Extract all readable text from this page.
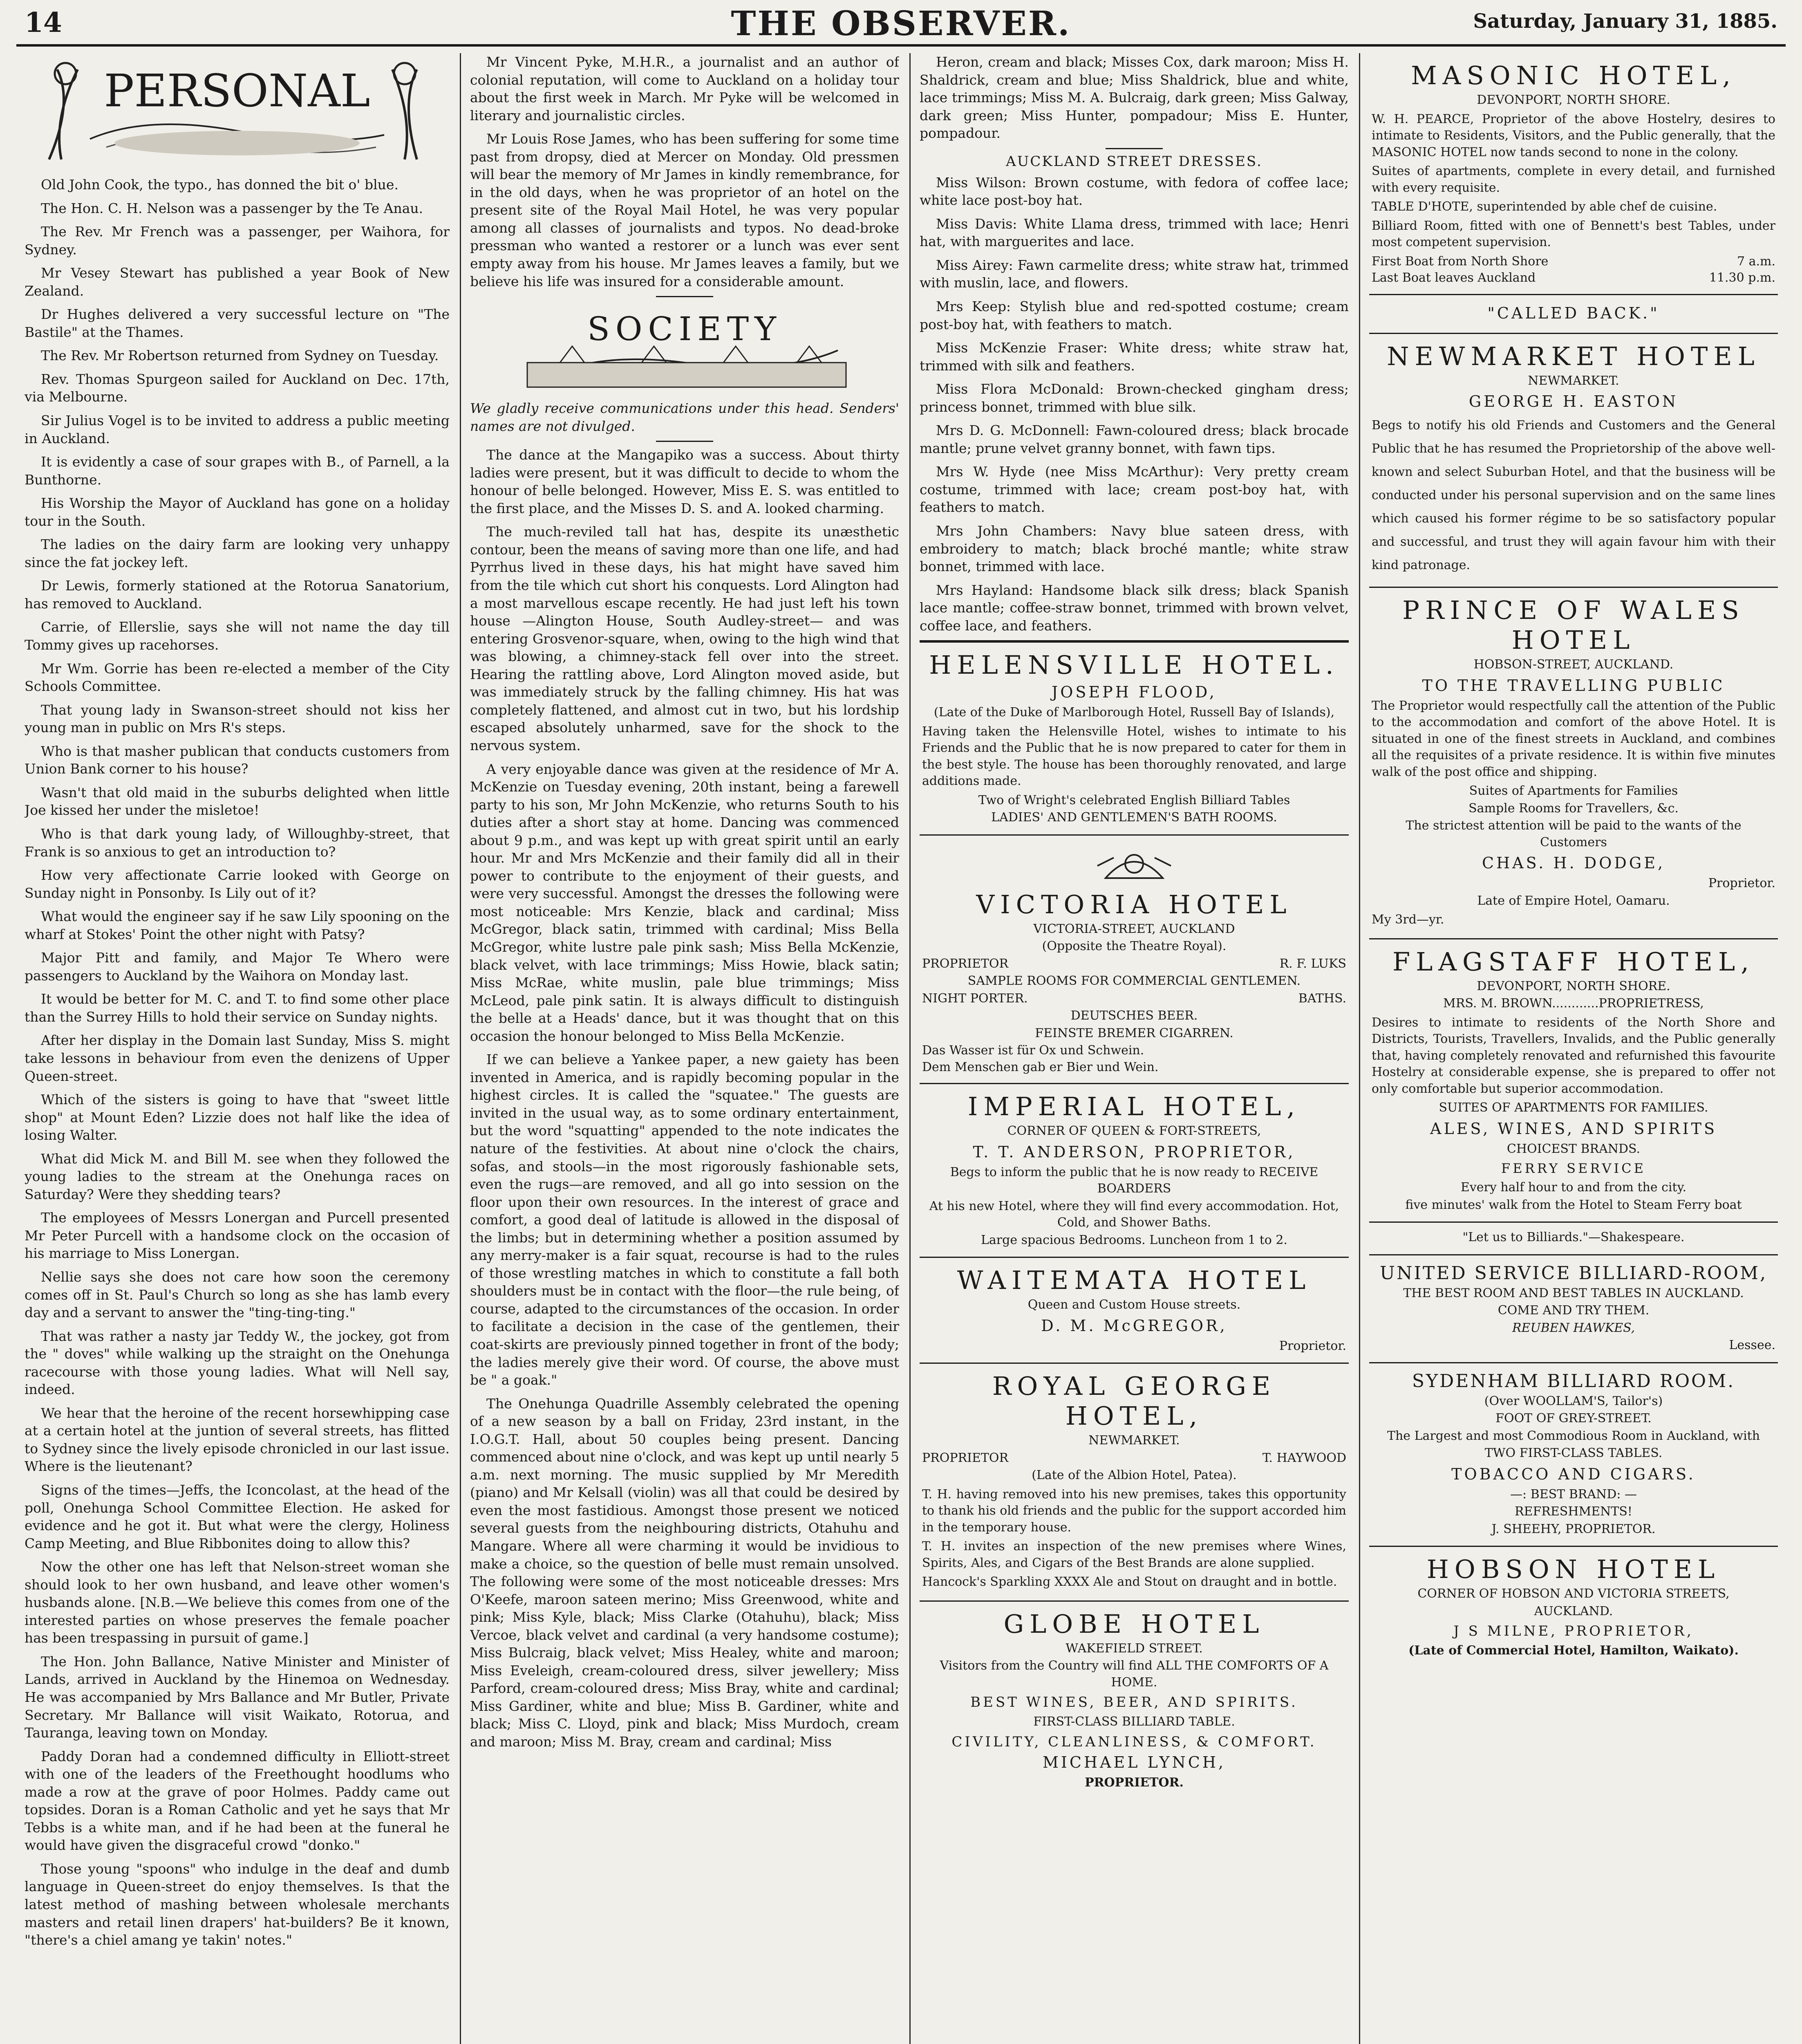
14	THE OBSERVER.	Saturday, January 31, 1885.
PERSONAL

Old John Cook, the typo., has donned the bit o' blue.

The Hon. C. H. Nelson was a passenger by the Te Anau.

The Rev. Mr French was a passenger, per Waihora, for Sydney.

Mr Vesey Stewart has published a year Book of New Zealand.

Dr Hughes delivered a very successful lecture on "The Bastile" at the Thames.

The Rev. Mr Robertson returned from Sydney on Tuesday.

Rev. Thomas Spurgeon sailed for Auckland on Dec. 17th, via Melbourne.

Sir Julius Vogel is to be invited to address a public meeting in Auckland.

It is evidently a case of sour grapes with B., of Parnell, a la Bunthorne.

His Worship the Mayor of Auckland has gone on a holiday tour in the South.

The ladies on the dairy farm are looking very unhappy since the fat jockey left.

Dr Lewis, formerly stationed at the Rotorua Sanatorium, has removed to Auckland.

Carrie, of Ellerslie, says she will not name the day till Tommy gives up racehorses.

Mr Wm. Gorrie has been re-elected a member of the City Schools Committee.

That young lady in Swanson-street should not kiss her young man in public on Mrs R's steps.

Who is that masher publican that conducts customers from Union Bank corner to his house?

Wasn't that old maid in the suburbs delighted when little Joe kissed her under the misletoe!

Who is that dark young lady, of Willoughby-street, that Frank is so anxious to get an introduction to?

How very affectionate Carrie looked with George on Sunday night in Ponsonby. Is Lily out of it?

What would the engineer say if he saw Lily spooning on the wharf at Stokes' Point the other night with Patsy?

Major Pitt and family, and Major Te Whero were passengers to Auckland by the Waihora on Monday last.

It would be better for M. C. and T. to find some other place than the Surrey Hills to hold their service on Sunday nights.

After her display in the Domain last Sunday, Miss S. might take lessons in behaviour from even the denizens of Upper Queen-street.

Which of the sisters is going to have that "sweet little shop" at Mount Eden? Lizzie does not half like the idea of losing Walter.

What did Mick M. and Bill M. see when they followed the young ladies to the stream at the Onehunga races on Saturday? Were they shedding tears?

The employees of Messrs Lonergan and Purcell presented Mr Peter Purcell with a handsome clock on the occasion of his marriage to Miss Lonergan.

Nellie says she does not care how soon the ceremony comes off in St. Paul's Church so long as she has lamb every day and a servant to answer the "ting-ting-ting."

That was rather a nasty jar Teddy W., the jockey, got from the " doves" while walking up the straight on the Onehunga racecourse with those young ladies. What will Nell say, indeed.

We hear that the heroine of the recent horsewhipping case at a certain hotel at the juntion of several streets, has flitted to Sydney since the lively episode chronicled in our last issue. Where is the lieutenant?

Signs of the times—Jeffs, the Iconcolast, at the head of the poll, Onehunga School Committee Election. He asked for evidence and he got it. But what were the clergy, Holiness Camp Meeting, and Blue Ribbonites doing to allow this?

Now the other one has left that Nelson-street woman she should look to her own husband, and leave other women's husbands alone. [N.B.—We believe this comes from one of the interested parties on whose preserves the female poacher has been trespassing in pursuit of game.]

The Hon. John Ballance, Native Minister and Minister of Lands, arrived in Auckland by the Hinemoa on Wednesday. He was accompanied by Mrs Ballance and Mr Butler, Private Secretary. Mr Ballance will visit Waikato, Rotorua, and Tauranga, leaving town on Monday.

Paddy Doran had a condemned difficulty in Elliott-street with one of the leaders of the Freethought hoodlums who made a row at the grave of poor Holmes. Paddy came out topsides. Doran is a Roman Catholic and yet he says that Mr Tebbs is a white man, and if he had been at the funeral he would have given the disgraceful crowd "donko."

Those young "spoons" who indulge in the deaf and dumb language in Queen-street do enjoy themselves. Is that the latest method of mashing between wholesale merchants masters and retail linen drapers' hat-builders? Be it known, "there's a chiel amang ye takin' notes."

Mr Vincent Pyke, M.H.R., a journalist and an author of colonial reputation, will come to Auckland on a holiday tour about the first week in March. Mr Pyke will be welcomed in literary and journalistic circles.

Mr Louis Rose James, who has been suffering for some time past from dropsy, died at Mercer on Monday. Old pressmen will bear the memory of Mr James in kindly remembrance, for in the old days, when he was proprietor of an hotel on the present site of the Royal Mail Hotel, he was very popular among all classes of journalists and typos. No dead-broke pressman who wanted a restorer or a lunch was ever sent empty away from his house. Mr James leaves a family, but we believe his life was insured for a considerable amount.

SOCIETY

We gladly receive communications under this head. Senders' names are not divulged.

The dance at the Mangapiko was a success. About thirty ladies were present, but it was difficult to decide to whom the honour of belle belonged. However, Miss E. S. was entitled to the first place, and the Misses D. S. and A. looked charming.

The much-reviled tall hat has, despite its unæsthetic contour, been the means of saving more than one life, and had Pyrrhus lived in these days, his hat might have saved him from the tile which cut short his conquests. Lord Alington had a most marvellous escape recently. He had just left his town house —Alington House, South Audley-street— and was entering Grosvenor-square, when, owing to the high wind that was blowing, a chimney-stack fell over into the street. Hearing the rattling above, Lord Alington moved aside, but was immediately struck by the falling chimney. His hat was completely flattened, and almost cut in two, but his lordship escaped absolutely unharmed, save for the shock to the nervous system.

A very enjoyable dance was given at the residence of Mr A. McKenzie on Tuesday evening, 20th instant, being a farewell party to his son, Mr John McKenzie, who returns South to his duties after a short stay at home. Dancing was commenced about 9 p.m., and was kept up with great spirit until an early hour. Mr and Mrs McKenzie and their family did all in their power to contribute to the enjoyment of their guests, and were very successful. Amongst the dresses the following were most noticeable: Mrs Kenzie, black and cardinal; Miss McGregor, black satin, trimmed with cardinal; Miss Bella McGregor, white lustre pale pink sash; Miss Bella McKenzie, black velvet, with lace trimmings; Miss Howie, black satin; Miss McRae, white muslin, pale blue trimmings; Miss McLeod, pale pink satin. It is always difficult to distinguish the belle at a Heads' dance, but it was thought that on this occasion the honour belonged to Miss Bella McKenzie.

If we can believe a Yankee paper, a new gaiety has been invented in America, and is rapidly becoming popular in the highest circles. It is called the "squatee." The guests are invited in the usual way, as to some ordinary entertainment, but the word "squatting" appended to the note indicates the nature of the festivities. At about nine o'clock the chairs, sofas, and stools—in the most rigorously fashionable sets, even the rugs—are removed, and all go into session on the floor upon their own resources. In the interest of grace and comfort, a good deal of latitude is allowed in the disposal of the limbs; but in determining whether a position assumed by any merry-maker is a fair squat, recourse is had to the rules of those wrestling matches in which to constitute a fall both shoulders must be in contact with the floor—the rule being, of course, adapted to the circumstances of the occasion. In order to facilitate a decision in the case of the gentlemen, their coat-skirts are previously pinned together in front of the body; the ladies merely give their word. Of course, the above must be " a goak."

The Onehunga Quadrille Assembly celebrated the opening of a new season by a ball on Friday, 23rd instant, in the I.O.G.T. Hall, about 50 couples being present. Dancing commenced about nine o'clock, and was kept up until nearly 5 a.m. next morning. The music supplied by Mr Meredith (piano) and Mr Kelsall (violin) was all that could be desired by even the most fastidious. Amongst those present we noticed several guests from the neighbouring districts, Otahuhu and Mangare. Where all were charming it would be invidious to make a choice, so the question of belle must remain unsolved. The following were some of the most noticeable dresses: Mrs O'Keefe, maroon sateen merino; Miss Greenwood, white and pink; Miss Kyle, black; Miss Clarke (Otahuhu), black; Miss Vercoe, black velvet and cardinal (a very handsome costume); Miss Bulcraig, black velvet; Miss Healey, white and maroon; Miss Eveleigh, cream-coloured dress, silver jewellery; Miss Parford, cream-coloured dress; Miss Bray, white and cardinal; Miss Gardiner, white and blue; Miss B. Gardiner, white and black; Miss C. Lloyd, pink and black; Miss Murdoch, cream and maroon; Miss M. Bray, cream and cardinal; Miss

Heron, cream and black; Misses Cox, dark maroon; Miss H. Shaldrick, cream and blue; Miss Shaldrick, blue and white, lace trimmings; Miss M. A. Bulcraig, dark green; Miss Galway, dark green; Miss Hunter, pompadour; Miss E. Hunter, pompadour.

AUCKLAND STREET DRESSES.

Miss Wilson: Brown costume, with fedora of coffee lace; white lace post-boy hat.

Miss Davis: White Llama dress, trimmed with lace; Henri hat, with marguerites and lace.

Miss Airey: Fawn carmelite dress; white straw hat, trimmed with muslin, lace, and flowers.

Mrs Keep: Stylish blue and red-spotted costume; cream post-boy hat, with feathers to match.

Miss McKenzie Fraser: White dress; white straw hat, trimmed with silk and feathers.

Miss Flora McDonald: Brown-checked gingham dress; princess bonnet, trimmed with blue silk.

Mrs D. G. McDonnell: Fawn-coloured dress; black brocade mantle; prune velvet granny bonnet, with fawn tips.

Mrs W. Hyde (nee Miss McArthur): Very pretty cream costume, trimmed with lace; cream post-boy hat, with feathers to match.

Mrs John Chambers: Navy blue sateen dress, with embroidery to match; black broché mantle; white straw bonnet, trimmed with lace.

Mrs Hayland: Handsome black silk dress; black Spanish lace mantle; coffee-straw bonnet, trimmed with brown velvet, coffee lace, and feathers.

HELENSVILLE HOTEL.
JOSEPH FLOOD,
(Late of the Duke of Marlborough Hotel, Russell Bay of Islands),
Having taken the Helensville Hotel, wishes to intimate to his Friends and the Public that he is now prepared to cater for them in the best style. The house has been thoroughly renovated, and large additions made.
Two of Wright's celebrated English Billiard Tables
LADIES' AND GENTLEMEN'S BATH ROOMS.
VICTORIA HOTEL
VICTORIA-STREET, AUCKLAND
(Opposite the Theatre Royal).
PROPRIETOR	R. F. LUKS
SAMPLE ROOMS FOR COMMERCIAL GENTLEMEN.
NIGHT PORTER.	BATHS.
DEUTSCHES BEER.
FEINSTE BREMER CIGARREN.
Das Wasser ist für Ox und Schwein.
Dem Menschen gab er Bier und Wein.
IMPERIAL HOTEL,
CORNER OF QUEEN & FORT-STREETS,
T. T. ANDERSON, PROPRIETOR,
Begs to inform the public that he is now ready to RECEIVE BOARDERS
At his new Hotel, where they will find every accommodation. Hot, Cold, and Shower Baths.
Large spacious Bedrooms. Luncheon from 1 to 2.
WAITEMATA HOTEL
Queen and Custom House streets.
D. M. McGREGOR,
Proprietor.
ROYAL GEORGE HOTEL,
NEWMARKET.
PROPRIETOR	T. HAYWOOD
(Late of the Albion Hotel, Patea).
T. H. having removed into his new premises, takes this opportunity to thank his old friends and the public for the support accorded him in the temporary house.
T. H. invites an inspection of the new premises where Wines, Spirits, Ales, and Cigars of the Best Brands are alone supplied.
Hancock's Sparkling XXXX Ale and Stout on draught and in bottle.
GLOBE HOTEL
WAKEFIELD STREET.
Visitors from the Country will find ALL THE COMFORTS OF A HOME.
BEST WINES, BEER, AND SPIRITS.
FIRST-CLASS BILLIARD TABLE.
CIVILITY, CLEANLINESS, & COMFORT.
MICHAEL LYNCH,
PROPRIETOR.
MASONIC HOTEL,
DEVONPORT, NORTH SHORE.
W. H. PEARCE, Proprietor of the above Hostelry, desires to intimate to Residents, Visitors, and the Public generally, that the MASONIC HOTEL now tands second to none in the colony.
Suites of apartments, complete in every detail, and furnished with every requisite.
TABLE D'HOTE, superintended by able chef de cuisine.
Billiard Room, fitted with one of Bennett's best Tables, under most competent supervision.
First Boat from North Shore	7 a.m.
Last Boat leaves Auckland	11.30 p.m.
"CALLED BACK."
NEWMARKET HOTEL
NEWMARKET.
GEORGE H. EASTON
Begs to notify his old Friends and Customers and the General Public that he has resumed the Proprietorship of the above well-known and select Suburban Hotel, and that the business will be conducted under his personal supervision and on the same lines which caused his former régime to be so satisfactory popular and successful, and trust they will again favour him with their kind patronage.
PRINCE OF WALES HOTEL
HOBSON-STREET, AUCKLAND.
TO THE TRAVELLING PUBLIC
The Proprietor would respectfully call the attention of the Public to the accommodation and comfort of the above Hotel. It is situated in one of the finest streets in Auckland, and combines all the requisites of a private residence. It is within five minutes walk of the post office and shipping.
Suites of Apartments for Families
Sample Rooms for Travellers, &c.
The strictest attention will be paid to the wants of the Customers
CHAS. H. DODGE,
Proprietor.
Late of Empire Hotel, Oamaru.
My 3rd—yr.
FLAGSTAFF HOTEL,
DEVONPORT, NORTH SHORE.
MRS. M. BROWN............PROPRIETRESS,
Desires to intimate to residents of the North Shore and Districts, Tourists, Travellers, Invalids, and the Public generally that, having completely renovated and refurnished this favourite Hostelry at considerable expense, she is prepared to offer not only comfortable but superior accommodation.
SUITES OF APARTMENTS FOR FAMILIES.
ALES, WINES, AND SPIRITS
CHOICEST BRANDS.
FERRY SERVICE
Every half hour to and from the city.
five minutes' walk from the Hotel to Steam Ferry boat
"Let us to Billiards."—Shakespeare.
UNITED SERVICE BILLIARD-ROOM,
THE BEST ROOM AND BEST TABLES IN AUCKLAND.
COME AND TRY THEM.
REUBEN HAWKES,
Lessee.
SYDENHAM BILLIARD ROOM.
(Over WOOLLAM'S, Tailor's)
FOOT OF GREY-STREET.
The Largest and most Commodious Room in Auckland, with
TWO FIRST-CLASS TABLES.
TOBACCO AND CIGARS.
—: BEST BRAND: —
REFRESHMENTS!
J. SHEEHY, PROPRIETOR.
HOBSON HOTEL
CORNER OF HOBSON AND VICTORIA STREETS,
AUCKLAND.
J S MILNE, PROPRIETOR,
(Late of Commercial Hotel, Hamilton, Waikato).
